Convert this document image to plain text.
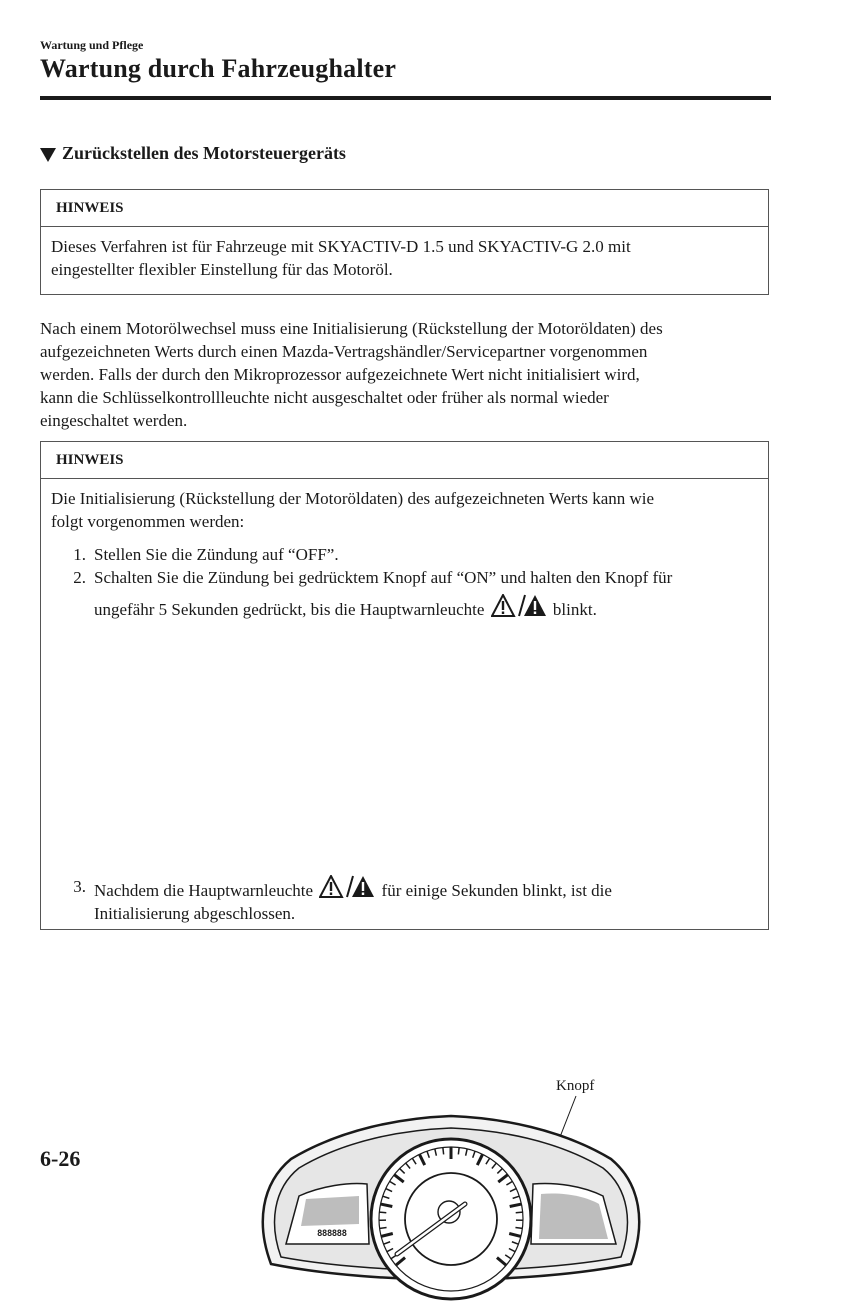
Wartung und Pflege
Wartung durch Fahrzeughalter
Zurückstellen des Motorsteuergeräts
HINWEIS
Dieses Verfahren ist für Fahrzeuge mit SKYACTIV-D 1.5 und SKYACTIV-G 2.0 mit
eingestellter flexibler Einstellung für das Motoröl.

Nach einem Motorölwechsel muss eine Initialisierung (Rückstellung der Motoröldaten) des

aufgezeichneten Werts durch einen Mazda-Vertragshändler/Servicepartner vorgenommen

werden. Falls der durch den Mikroprozessor aufgezeichnete Wert nicht initialisiert wird,

kann die Schlüsselkontrollleuchte nicht ausgeschaltet oder früher als normal wieder

eingeschaltet werden.

HINWEIS
Die Initialisierung (Rückstellung der Motoröldaten) des aufgezeichneten Werts kann wie
folgt vorgenommen werden:
1. Stellen Sie die Zündung auf “OFF”.
2. Schalten Sie die Zündung bei gedrücktem Knopf auf “ON” und halten den Knopf für
ungefähr 5 Sekunden gedrückt, bis die Hauptwarnleuchte	blinkt.
Knopf
888888
3. Nachdem die Hauptwarnleuchte	für einige Sekunden blinkt, ist die
Initialisierung abgeschlossen.
6-26
